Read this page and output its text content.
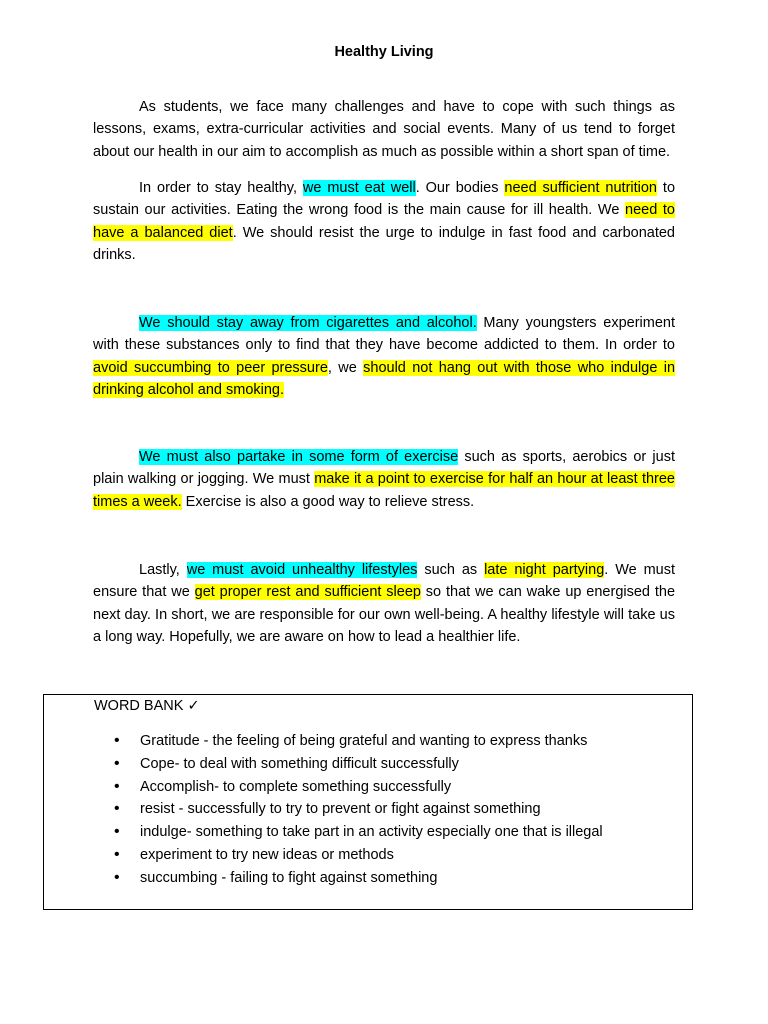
Healthy Living

As students, we face many challenges and have to cope with such things as lessons, exams, extra-curricular activities and social events. Many of us tend to forget about our health in our aim to accomplish as much as possible within a short span of time.

In order to stay healthy, we must eat well. Our bodies need sufficient nutrition to sustain our activities. Eating the wrong food is the main cause for ill health. We need to have a balanced diet. We should resist the urge to indulge in fast food and carbonated drinks.

We should stay away from cigarettes and alcohol. Many youngsters experiment with these substances only to find that they have become addicted to them. In order to avoid succumbing to peer pressure, we should not hang out with those who indulge in drinking alcohol and smoking.

We must also partake in some form of exercise such as sports, aerobics or just plain walking or jogging. We must make it a point to exercise for half an hour at least three times a week. Exercise is also a good way to relieve stress.

Lastly, we must avoid unhealthy lifestyles such as late night partying. We must ensure that we get proper rest and sufficient sleep so that we can wake up energised the next day. In short, we are responsible for our own well-being. A healthy lifestyle will take us a long way. Hopefully, we are aware on how to lead a healthier life.

WORD BANK ✓

• Gratitude - the feeling of being grateful and wanting to express thanks
• Cope- to deal with something difficult successfully
• Accomplish- to complete something successfully
• resist - successfully to try to prevent or fight against something
• indulge- something to take part in an activity especially one that is illegal
• experiment to try new ideas or methods
• succumbing - failing to fight against something
